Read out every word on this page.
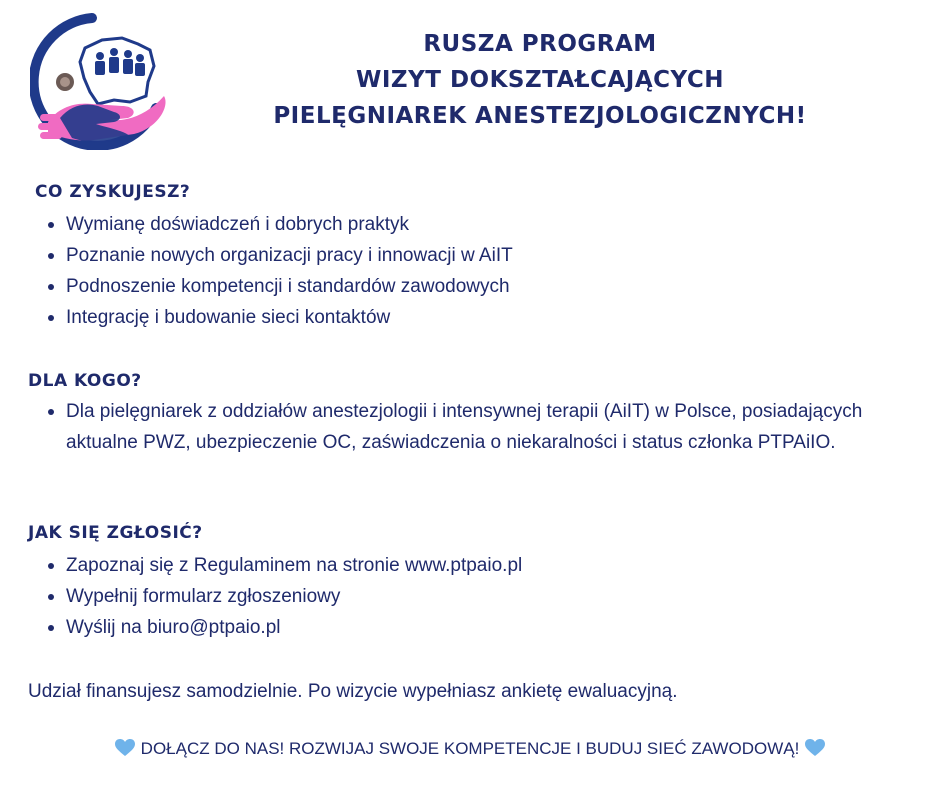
RUSZA PROGRAM
WIZYT DOKSZTAŁCAJĄCYCH
PIELĘGNIAREK ANESTEZJOLOGICZNYCH!
CO ZYSKUJESZ?
Wymianę doświadczeń i dobrych praktyk
Poznanie nowych organizacji pracy i innowacji w AiIT
Podnoszenie kompetencji i standardów zawodowych
Integrację i budowanie sieci kontaktów
DLA KOGO?
Dla pielęgniarek z oddziałów anestezjologii i intensywnej terapii (AiIT) w Polsce, posiadających aktualne PWZ, ubezpieczenie OC, zaświadczenia o niekaralności i status członka PTPAiIO.
JAK SIĘ ZGŁOSIĆ?
Zapoznaj się z Regulaminem na stronie www.ptpaio.pl
Wypełnij formularz zgłoszeniowy
Wyślij na biuro@ptpaio.pl
Udział finansujesz samodzielnie. Po wizycie wypełniasz ankietę ewaluacyjną.
DOŁĄCZ DO NAS! ROZWIJAJ SWOJE KOMPETENCJE I BUDUJ SIEĆ ZAWODOWĄ!
